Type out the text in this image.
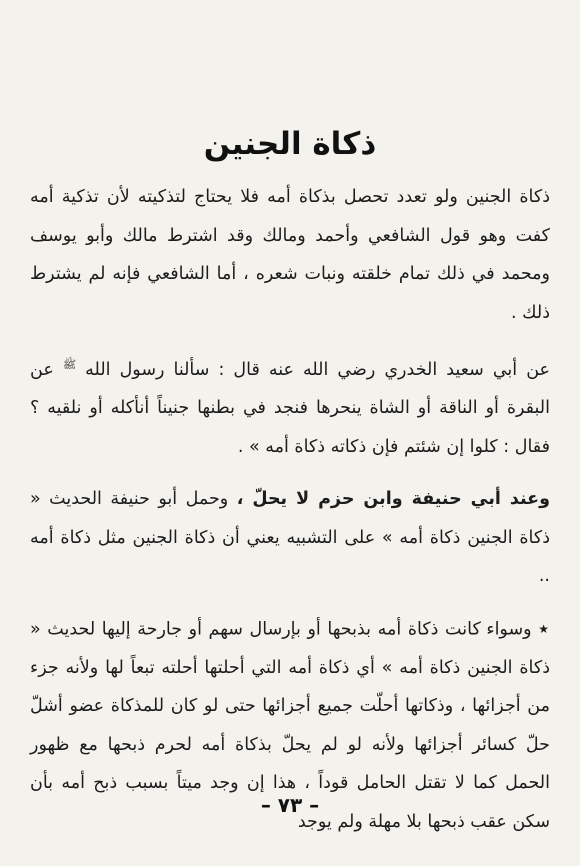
ذكاة الجنين

ذكاة الجنين ولو تعدد تحصل بذكاة أمه فلا يحتاج لتذكيته لأن تذكية أمه كفت وهو قول الشافعي وأحمد ومالك وقد اشترط مالك وأبو يوسف ومحمد في ذلك تمام خلقته ونبات شعره ، أما الشافعي فإنه لم يشترط ذلك .

عن أبي سعيد الخدري رضي الله عنه قال : سألنا رسول الله $^ﷺ$ عن البقرة أو الناقة أو الشاة ينحرها فنجد في بطنها جنيناً أنأكله أو نلقيه ؟ فقال : كلوا إن شئتم فإن ذكاته ذكاة أمه » .

وعند أبي حنيفة وابن حزم لا يحلّ ، وحمل أبو حنيفة الحديث « ذكاة الجنين ذكاة أمه » على التشبيه يعني أن ذكاة الجنين مثل ذكاة أمه ..

★ وسواء كانت ذكاة أمه بذبحها أو بإرسال سهم أو جارحة إليها لحديث « ذكاة الجنين ذكاة أمه » أي ذكاة أمه التي أحلتها أحلته تبعاً لها ولأنه جزء من أجزائها ، وذكاتها أحلّت جميع أجزائها حتى لو كان للمذكاة عضو أشلّ حلّ كسائر أجزائها ولأنه لو لم يحلّ بذكاة أمه لحرم ذبحها مع ظهور الحمل كما لا تقتل الحامل قوداً ، هذا إن وجد ميتاً بسبب ذبح أمه بأن سكن عقب ذبحها بلا مهلة ولم يوجد

– ٧٣ –
